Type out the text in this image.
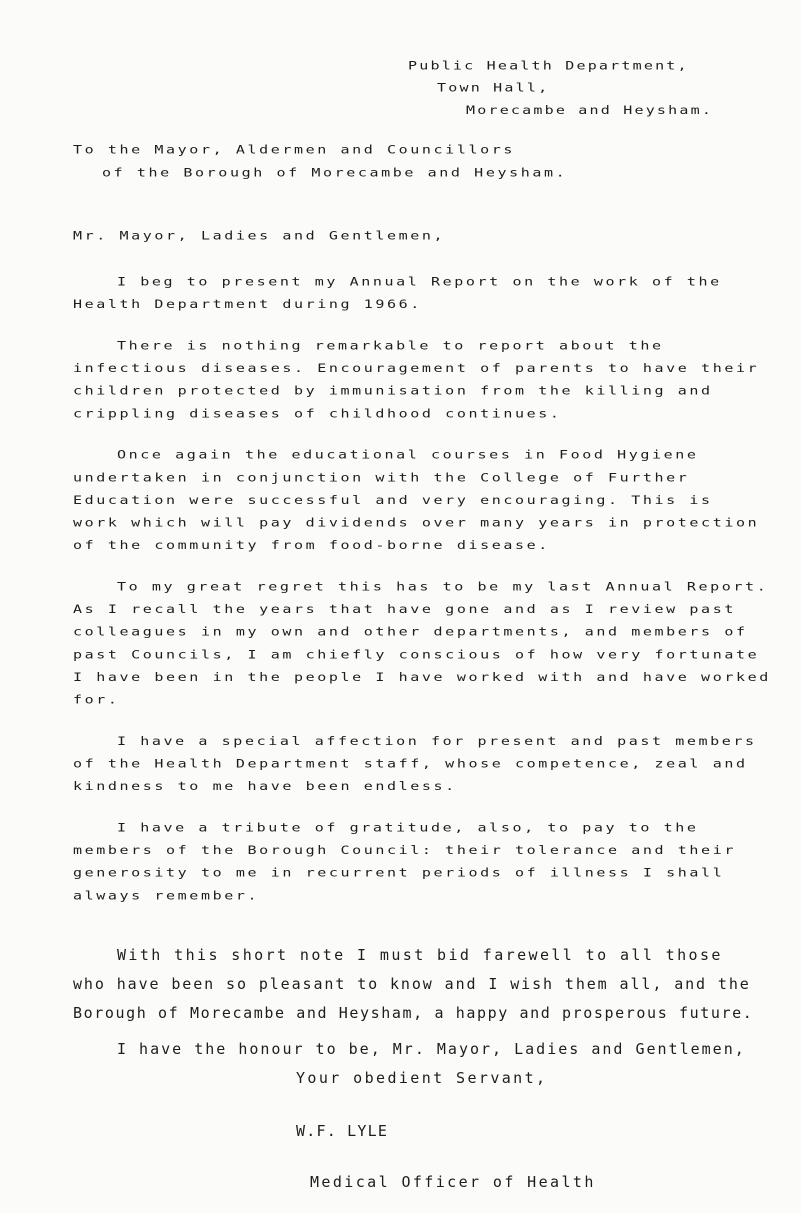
Public Health Department,
Town Hall,
Morecambe and Heysham.
To the Mayor, Aldermen and Councillors
of the Borough of Morecambe and Heysham.
Mr. Mayor, Ladies and Gentlemen,
I beg to present my Annual Report on the work of the
Health Department during 1966.
There is nothing remarkable to report about the
infectious diseases. Encouragement of parents to have their
children protected by immunisation from the killing and
crippling diseases of childhood continues.
Once again the educational courses in Food Hygiene
undertaken in conjunction with the College of Further
Education were successful and very encouraging. This is
work which will pay dividends over many years in protection
of the community from food-borne disease.
To my great regret this has to be my last Annual Report.
As I recall the years that have gone and as I review past
colleagues in my own and other departments, and members of
past Councils, I am chiefly conscious of how very fortunate
I have been in the people I have worked with and have worked
for.
I have a special affection for present and past members
of the Health Department staff, whose competence, zeal and
kindness to me have been endless.
I have a tribute of gratitude, also, to pay to the
members of the Borough Council: their tolerance and their
generosity to me in recurrent periods of illness I shall
always remember.
With this short note I must bid farewell to all those
who have been so pleasant to know and I wish them all, and the
Borough of Morecambe and Heysham, a happy and prosperous future.
I have the honour to be, Mr. Mayor, Ladies and Gentlemen,
Your obedient Servant,
W.F. LYLE
Medical Officer of Health
